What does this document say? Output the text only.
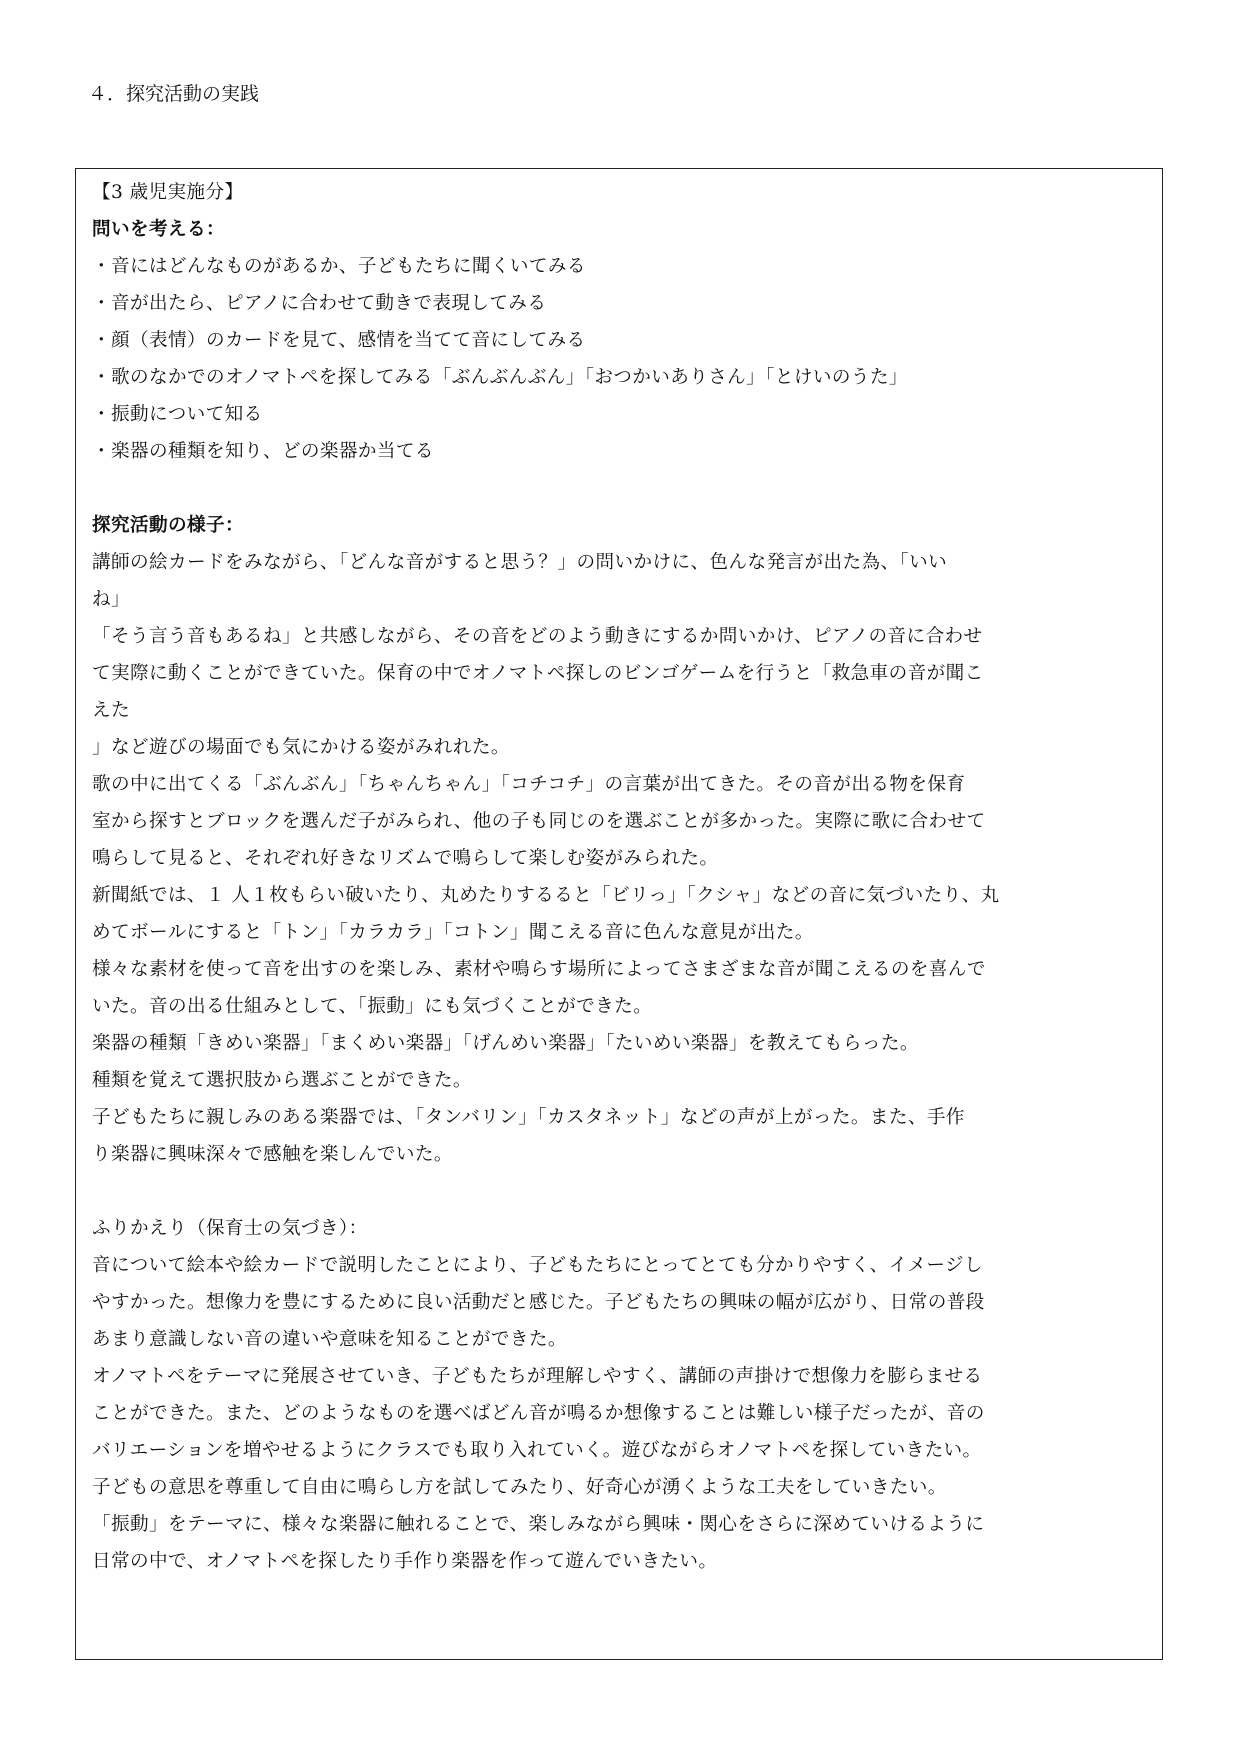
４．探究活動の実践
【3 歳児実施分】
問いを考える：
・音にはどんなものがあるか、子どもたちに聞くいてみる
・音が出たら、ピアノに合わせて動きで表現してみる
・顔（表情）のカードを見て、感情を当てて音にしてみる
・歌のなかでのオノマトペを探してみる「ぶんぶんぶん」「おつかいありさん」「とけいのうた」
・振動について知る
・楽器の種類を知り、どの楽器か当てる
探究活動の様子：
講師の絵カードをみながら、「どんな音がすると思う？」の問いかけに、色んな発言が出た為、「いい
ね」
「そう言う音もあるね」と共感しながら、その音をどのよう動きにするか問いかけ、ピアノの音に合わせ
て実際に動くことができていた。保育の中でオノマトペ探しのビンゴゲームを行うと「救急車の音が聞こ
えた
」など遊びの場面でも気にかける姿がみれれた。
歌の中に出てくる「ぶんぶん」「ちゃんちゃん」「コチコチ」の言葉が出てきた。その音が出る物を保育
室から探すとブロックを選んだ子がみられ、他の子も同じのを選ぶことが多かった。実際に歌に合わせて
鳴らして見ると、それぞれ好きなリズムで鳴らして楽しむ姿がみられた。
新聞紙では、１ 人１枚もらい破いたり、丸めたりするると「ビリっ」「クシャ」などの音に気づいたり、丸
めてボールにすると「トン」「カラカラ」「コトン」聞こえる音に色んな意見が出た。
様々な素材を使って音を出すのを楽しみ、素材や鳴らす場所によってさまざまな音が聞こえるのを喜んで
いた。音の出る仕組みとして、「振動」にも気づくことができた。
楽器の種類「きめい楽器」「まくめい楽器」「げんめい楽器」「たいめい楽器」を教えてもらった。
種類を覚えて選択肢から選ぶことができた。
子どもたちに親しみのある楽器では、「タンバリン」「カスタネット」などの声が上がった。また、手作
り楽器に興味深々で感触を楽しんでいた。
ふりかえり（保育士の気づき）：
音について絵本や絵カードで説明したことにより、子どもたちにとってとても分かりやすく、イメージし
やすかった。想像力を豊にするために良い活動だと感じた。子どもたちの興味の幅が広がり、日常の普段
あまり意識しない音の違いや意味を知ることができた。
オノマトペをテーマに発展させていき、子どもたちが理解しやすく、講師の声掛けで想像力を膨らませる
ことができた。また、どのようなものを選べばどん音が鳴るか想像することは難しい様子だったが、音の
バリエーションを増やせるようにクラスでも取り入れていく。遊びながらオノマトペを探していきたい。
子どもの意思を尊重して自由に鳴らし方を試してみたり、好奇心が湧くような工夫をしていきたい。
「振動」をテーマに、様々な楽器に触れることで、楽しみながら興味・関心をさらに深めていけるように
日常の中で、オノマトペを探したり手作り楽器を作って遊んでいきたい。
